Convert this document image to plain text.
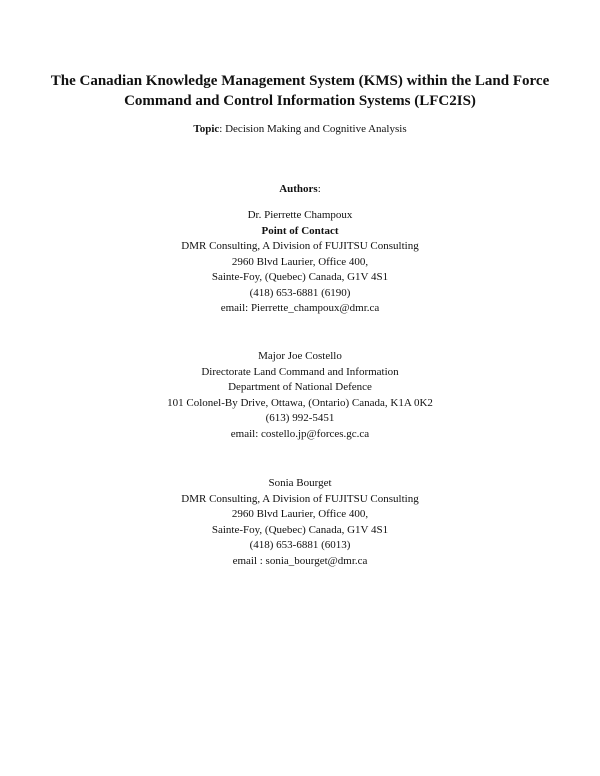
The Canadian Knowledge Management System (KMS) within the Land Force
Command and Control Information Systems (LFC2IS)
Topic: Decision Making and Cognitive Analysis
Authors:
Dr. Pierrette Champoux
Point of Contact
DMR Consulting, A Division of FUJITSU Consulting
2960 Blvd Laurier, Office 400,
Sainte-Foy, (Quebec) Canada, G1V 4S1
(418) 653-6881 (6190)
email: Pierrette_champoux@dmr.ca
Major Joe Costello
Directorate Land Command and Information
Department of National Defence
101 Colonel-By Drive, Ottawa, (Ontario) Canada, K1A 0K2
(613) 992-5451
email: costello.jp@forces.gc.ca
Sonia Bourget
DMR Consulting, A Division of FUJITSU Consulting
2960 Blvd Laurier, Office 400,
Sainte-Foy, (Quebec) Canada, G1V 4S1
(418) 653-6881 (6013)
email : sonia_bourget@dmr.ca
